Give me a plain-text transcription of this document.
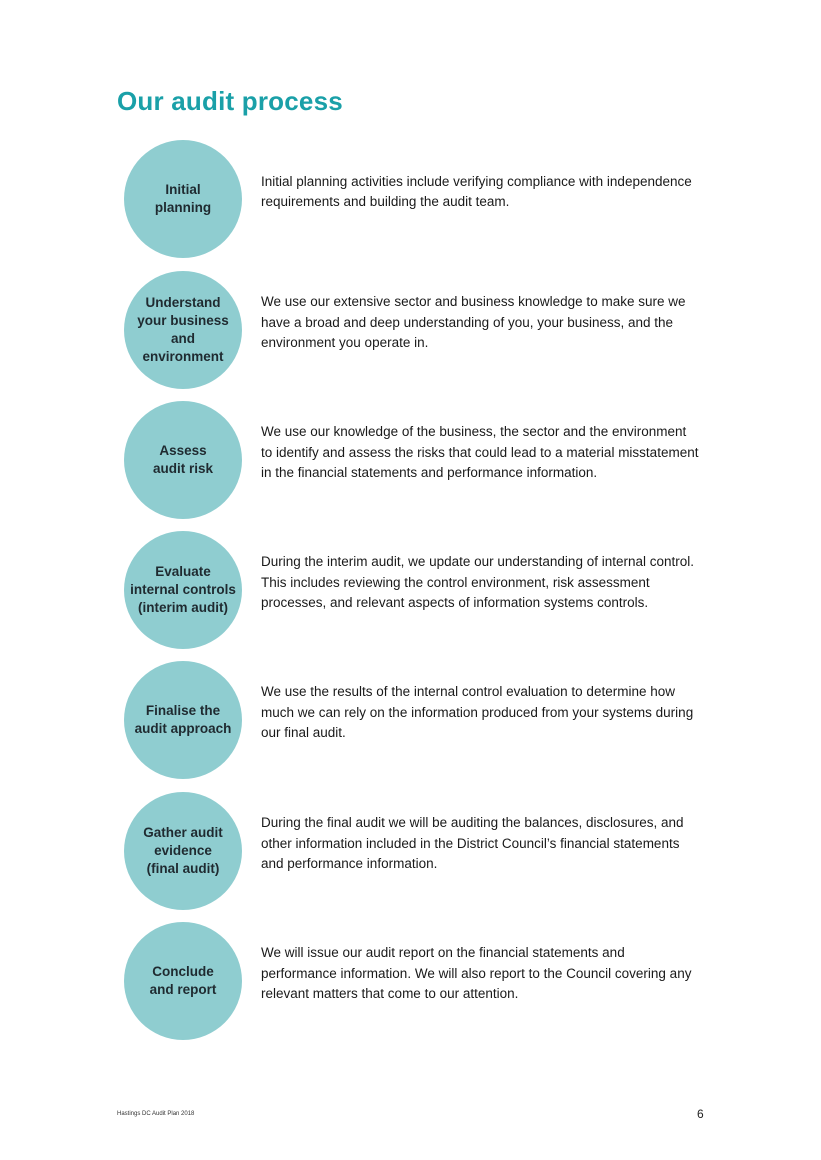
Our audit process
Initial
planning

Initial planning activities include verifying compliance with independence requirements and building the audit team.

Understand
your business
and
environment

We use our extensive sector and business knowledge to make sure we have a broad and deep understanding of you, your business, and the environment you operate in.

Assess
audit risk

We use our knowledge of the business, the sector and the environment to identify and assess the risks that could lead to a material misstatement in the financial statements and performance information.

Evaluate
internal controls
(interim audit)

During the interim audit, we update our understanding of internal control. This includes reviewing the control environment, risk assessment processes, and relevant aspects of information systems controls.

Finalise the
audit approach

We use the results of the internal control evaluation to determine how much we can rely on the information produced from your systems during our final audit.

Gather audit
evidence
(final audit)

During the final audit we will be auditing the balances, disclosures, and other information included in the District Council’s financial statements and performance information.

Conclude
and report

We will issue our audit report on the financial statements and performance information. We will also report to the Council covering any relevant matters that come to our attention.

Hastings DC Audit Plan 2018	6
